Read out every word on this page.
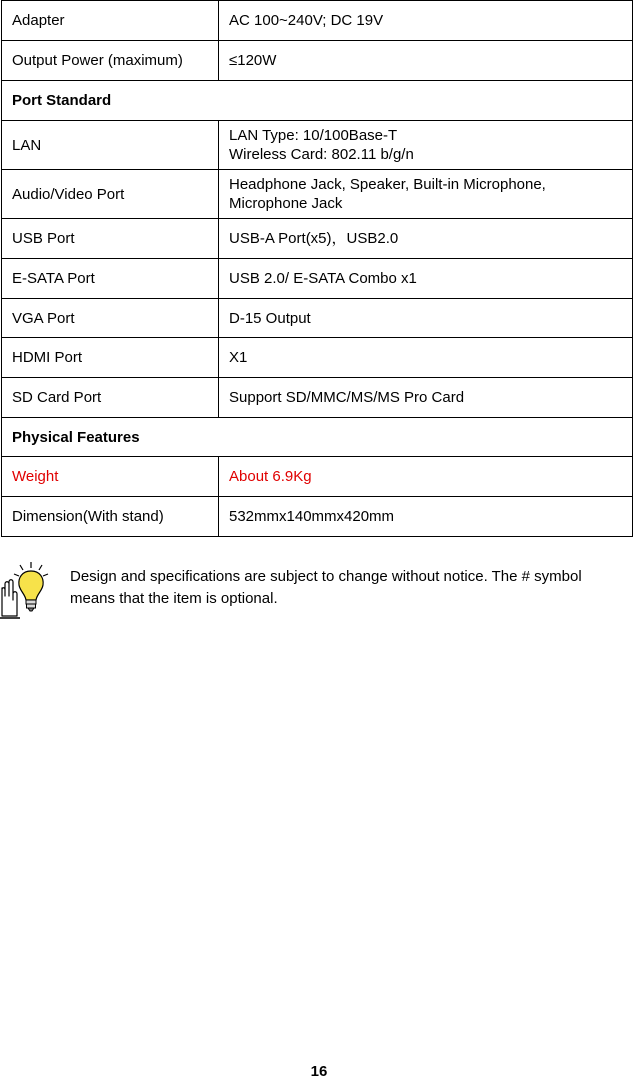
Adapter	AC 100~240V; DC 19V
Output Power (maximum)	≤120W
Port Standard	
LAN	LAN Type: 10/100Base-T
Wireless Card: 802.11 b/g/n
Audio/Video Port	Headphone Jack, Speaker, Built-in Microphone,
Microphone Jack
USB Port	USB-A Port(x5)，USB2.0
E-SATA Port	USB 2.0/ E-SATA Combo x1
VGA Port	D-15 Output
HDMI Port	X1
SD Card Port	Support SD/MMC/MS/MS Pro Card
Physical Features	
Weight	About 6.9Kg
Dimension(With stand)	532mmx140mmx420mm
Design and specifications are subject to change without notice. The # symbol
means that the item is optional.
16
